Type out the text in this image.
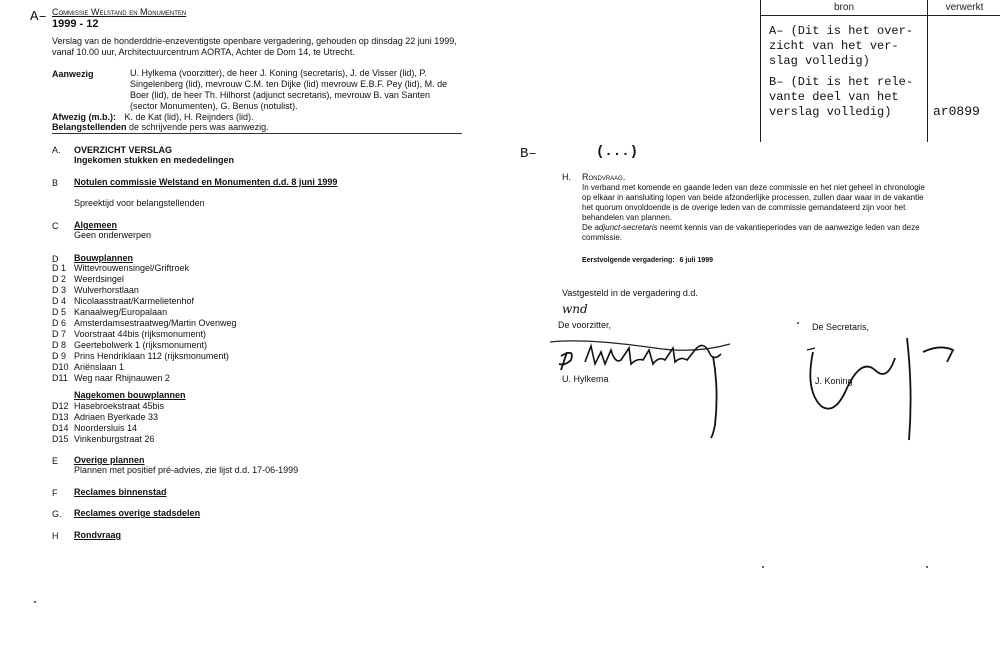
A– Commissie Welstand en Monumenten
1999 - 12
Verslag van de honderddrie-enzeventigste openbare vergadering, gehouden op dinsdag 22 juni 1999,
vanaf 10.00 uur, Architectuurcentrum AORTA, Achter de Dom 14, te Utrecht.
Aanwezig	U. Hylkema (voorzitter), de heer J. Koning (secretaris), J. de Visser (lid), P.
Singelenberg (lid), mevrouw C.M. ten Dijke (lid) mevrouw E.B.F. Pey (lid), M. de
Boer (lid), de heer Th. Hilhorst (adjunct secretaris), mevrouw B. van Santen
(sector Monumenten), G. Benus (notulist).
Afwezig (m.b.): K. de Kat (lid), H. Reijnders (lid).
Belangstellenden de schrijvende pers was aanwezig.
A. OVERZICHT VERSLAG
Ingekomen stukken en mededelingen
B Notulen commissie Welstand en Monumenten d.d. 8 juni 1999
Spreektijd voor belangstellenden
C Algemeen
Geen onderwerpen
D Bouwplannen
D 1 Wittevrouwensingel/Griftroek
D 2 Weerdsingel
D 3 Wulverhorstlaan
D 4 Nicolaasstraat/Karmelietenhof
D 5 Kanaalweg/Europalaan
D 6 Amsterdamsestraatweg/Martin Ovenweg
D 7 Voorstraat 44bis (rijksmonument)
D 8 Geertebolwerk 1 (rijksmonument)
D 9 Prins Hendriklaan 112 (rijksmonument)
D10 Ariënslaan 1
D11 Weg naar Rhijnauwen 2
Nagekomen bouwplannen
D12 Hasebroekstraat 45bis
D13 Adriaen Byerkade 33
D14 Noordersluis 14
D15 Vinkenburgstraat 26
E Overige plannen
Plannen met positief pré-advies, zie lijst d.d. 17-06-1999
F Reclames binnenstad
G. Reclames overige stadsdelen
H Rondvraag
B–	(...)
H. Rondvraag.
In verband met komende en gaande leden van deze commissie en het niet geheel in chronologie
op elkaar in aansluiting lopen van beide afzonderlijke processen, zullen daar waar in de vakantie
het quorum onvoldoende is de overige leden van de commissie gemandateerd zijn voor het
behandelen van plannen.
De adjunct-secretaris neemt kennis van de vakantieperiodes van de aanwezige leden van deze
commissie.
Eerstvolgende vergadering: 6 juli 1999
Vastgesteld in de vergadering d.d.
wnd
De voorzitter,	De Secretaris,
U. Hylkema	J. Koning
bron	verwerkt
A– (Dit is het over-
zicht van het ver-
slag volledig)
B– (Dit is het rele-
vante deel van het
verslag volledig)	ar0899
